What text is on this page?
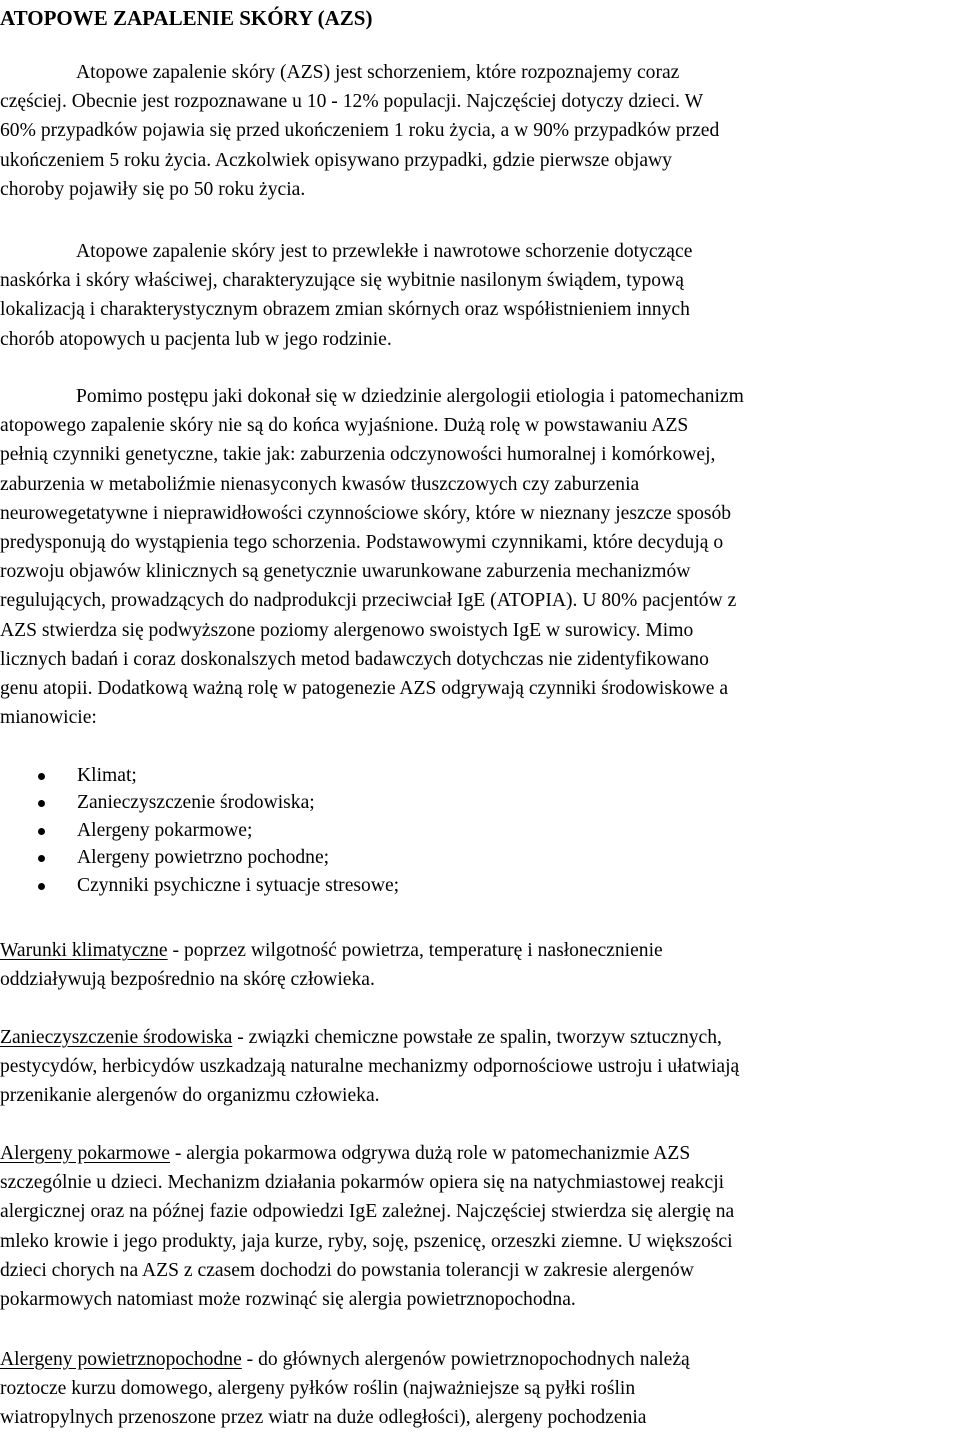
ATOPOWE ZAPALENIE SKÓRY (AZS)

Atopowe zapalenie skóry (AZS) jest schorzeniem, które rozpoznajemy coraz
częściej. Obecnie jest rozpoznawane u 10 - 12% populacji. Najczęściej dotyczy dzieci. W
60% przypadków pojawia się przed ukończeniem 1 roku życia, a w 90% przypadków przed
ukończeniem 5 roku życia. Aczkolwiek opisywano przypadki, gdzie pierwsze objawy
choroby pojawiły się po 50 roku życia.

Atopowe zapalenie skóry jest to przewlekłe i nawrotowe schorzenie dotyczące
naskórka i skóry właściwej, charakteryzujące się wybitnie nasilonym świądem, typową
lokalizacją i charakterystycznym obrazem zmian skórnych oraz współistnieniem innych
chorób atopowych u pacjenta lub w jego rodzinie.

Pomimo postępu jaki dokonał się w dziedzinie alergologii etiologia i patomechanizm
atopowego zapalenie skóry nie są do końca wyjaśnione. Dużą rolę w powstawaniu AZS
pełnią czynniki genetyczne, takie jak: zaburzenia odczynowości humoralnej i komórkowej,
zaburzenia w metaboliźmie nienasyconych kwasów tłuszczowych czy zaburzenia
neurowegetatywne i nieprawidłowości czynnościowe skóry, które w nieznany jeszcze sposób
predysponują do wystąpienia tego schorzenia. Podstawowymi czynnikami, które decydują o
rozwoju objawów klinicznych są genetycznie uwarunkowane zaburzenia mechanizmów
regulujących, prowadzących do nadprodukcji przeciwciał IgE (ATOPIA). U 80% pacjentów z
AZS stwierdza się podwyższone poziomy alergenowo swoistych IgE w surowicy. Mimo
licznych badań i coraz doskonalszych metod badawczych dotychczas nie zidentyfikowano
genu atopii. Dodatkową ważną rolę w patogenezie AZS odgrywają czynniki środowiskowe a
mianowicie:

Klimat;
Zanieczyszczenie środowiska;
Alergeny pokarmowe;
Alergeny powietrzno pochodne;
Czynniki psychiczne i sytuacje stresowe;

Warunki klimatyczne - poprzez wilgotność powietrza, temperaturę i nasłonecznienie
oddziaływują bezpośrednio na skórę człowieka.

Zanieczyszczenie środowiska - związki chemiczne powstałe ze spalin, tworzyw sztucznych,
pestycydów, herbicydów uszkadzają naturalne mechanizmy odpornościowe ustroju i ułatwiają
przenikanie alergenów do organizmu człowieka.

Alergeny pokarmowe - alergia pokarmowa odgrywa dużą role w patomechanizmie AZS
szczególnie u dzieci. Mechanizm działania pokarmów opiera się na natychmiastowej reakcji
alergicznej oraz na późnej fazie odpowiedzi IgE zależnej. Najczęściej stwierdza się alergię na
mleko krowie i jego produkty, jaja kurze, ryby, soję, pszenicę, orzeszki ziemne. U większości
dzieci chorych na AZS z czasem dochodzi do powstania tolerancji w zakresie alergenów
pokarmowych natomiast może rozwinąć się alergia powietrznopochodna.

Alergeny powietrznopochodne - do głównych alergenów powietrznopochodnych należą
roztocze kurzu domowego, alergeny pyłków roślin (najważniejsze są pyłki roślin
wiatropylnych przenoszone przez wiatr na duże odległości), alergeny pochodzenia
